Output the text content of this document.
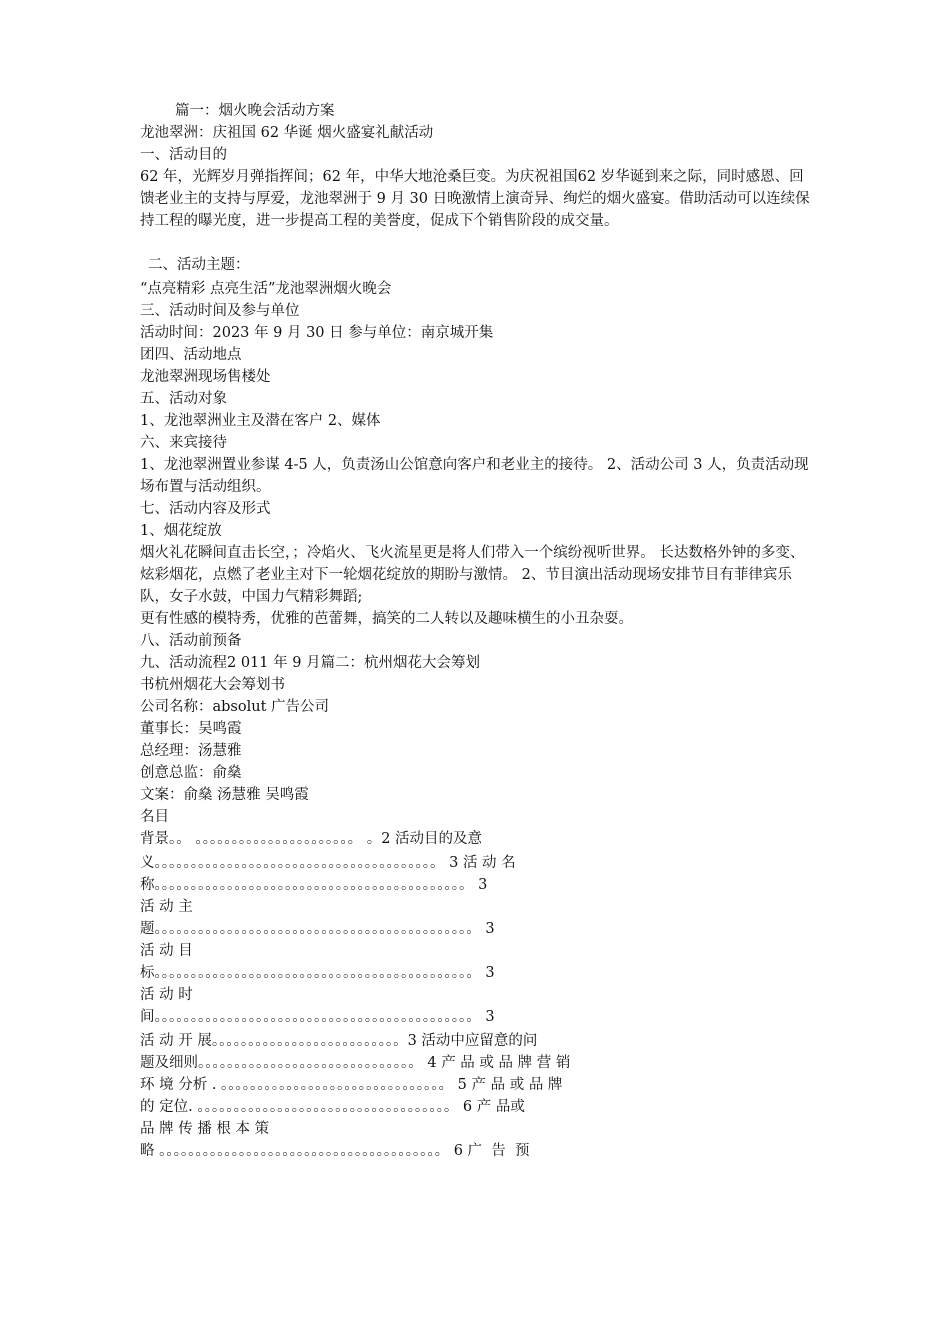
篇一：烟火晚会活动方案
龙池翠洲：庆祖国 62 华诞 烟火盛宴礼献活动
一、活动目的
62 年，光辉岁月弹指挥间；62 年，中华大地沧桑巨变。为庆祝祖国62 岁华诞到来之际，同时感恩、回馈老业主的支持与厚爱，龙池翠洲于 9 月 30 日晚激情上演奇异、绚烂的烟火盛宴。借助活动可以连续保持工程的曝光度，进一步提高工程的美誉度，促成下个销售阶段的成交量。
二、活动主题：
“点亮精彩 点亮生活”龙池翠洲烟火晚会
三、活动时间及参与单位
活动时间：2023 年 9 月 30 日 参与单位：南京城开集
团四、活动地点
龙池翠洲现场售楼处
五、活动对象
1、龙池翠洲业主及潜在客户 2、媒体
六、来宾接待
1、龙池翠洲置业参谋 4-5 人，负责汤山公馆意向客户和老业主的接待。 2、活动公司 3 人，负责活动现场布置与活动组织。
七、活动内容及形式
1、烟花绽放
烟火礼花瞬间直击长空，；冷焰火、飞火流星更是将人们带入一个缤纷视听世界。 长达数格外钟的多变、炫彩烟花，点燃了老业主对下一轮烟花绽放的期盼与激情。 2、节目演出活动现场安排节目有菲律宾乐队，女子水鼓，中国力气精彩舞蹈;
更有性感的模特秀，优雅的芭蕾舞，搞笑的二人转以及趣味横生的小丑杂耍。
八、活动前预备
九、活动流程2 011 年 9 月篇二：杭州烟花大会筹划
书杭州烟花大会筹划书
公司名称：absolut 广告公司
董事长：吴鸣霞
总经理：汤慧雅
创意总监：俞燊
文案：俞燊 汤慧雅 吴鸣霞
名目
背景。。 。。。。。。。。。。。。。。。。。。。。。。 。2 活动目的及意
义。。。。。。。。。。。。。。。。。。。。。。。。。。。。。。。。。。。。。。。 3 活 动 名
称。。。。。。。。。。。。。。。。。。。。。。。。。。。。。。。。。。。。。。。。。。。 3
活 动 主
题。。。。。。。。。。。。。。。。。。。。。。。。。。。。。。。。。。。。。。。。。。。。 3
活 动 目
标。。。。。。。。。。。。。。。。。。。。。。。。。。。。。。。。。。。。。。。。。。。。 3
活 动 时
间。。。。。。。。。。。。。。。。。。。。。。。。。。。。。。。。。。。。。。。。。。。。 3
活 动 开 展。。。。。。。。。。。。。。。。。。。。。。。。。。3 活动中应留意的问
题及细则。。。。。。。。。。。。。。。。。。。。。。。。。。。。。。 4 产 品 或 品 牌 营 销
环 境 分析 . 。。。。。。。。。。。。。。。。。。。。。。。。。。。。。。。 5 产 品 或 品 牌
的 定位. 。。。。。。。。。。。。。。。。。。。。。。。。。。。。。。。。。。。 6 产 品或
品 牌 传 播 根 本 策
略 。。。。。。。。。。。。。。。。。。。。。。。。。。。。。。。。。。。。。。。 6 广  告  预
